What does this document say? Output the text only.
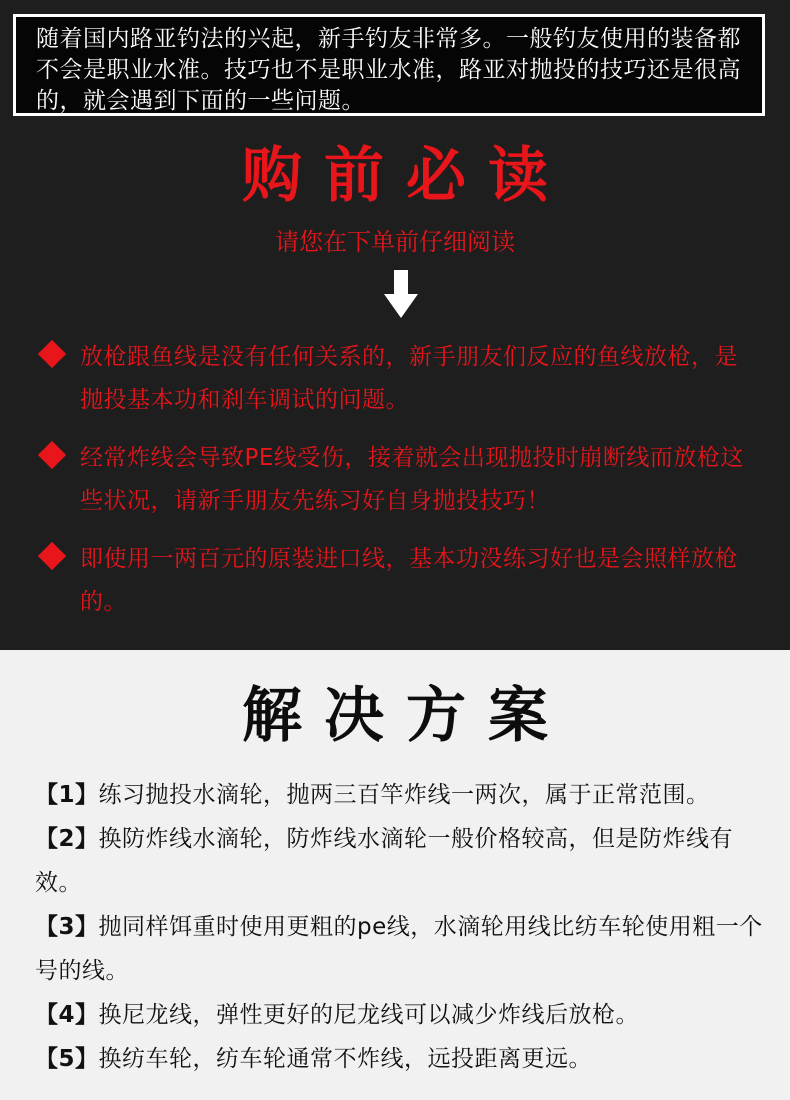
随着国内路亚钓法的兴起，新手钓友非常多。一般钓友使用的装备都不会是职业水准。技巧也不是职业水准，路亚对抛投的技巧还是很高的，就会遇到下面的一些问题。

购前必读

请您在下单前仔细阅读

放枪跟鱼线是没有任何关系的，新手朋友们反应的鱼线放枪，是抛投基本功和刹车调试的问题。

经常炸线会导致PE线受伤，接着就会出现抛投时崩断线而放枪这些状况，请新手朋友先练习好自身抛投技巧！

即使用一两百元的原装进口线，基本功没练习好也是会照样放枪的。

解决方案

【1】练习抛投水滴轮，抛两三百竿炸线一两次，属于正常范围。

【2】换防炸线水滴轮，防炸线水滴轮一般价格较高，但是防炸线有效。

【3】抛同样饵重时使用更粗的pe线，水滴轮用线比纺车轮使用粗一个号的线。

【4】换尼龙线，弹性更好的尼龙线可以减少炸线后放枪。

【5】换纺车轮，纺车轮通常不炸线，远投距离更远。
